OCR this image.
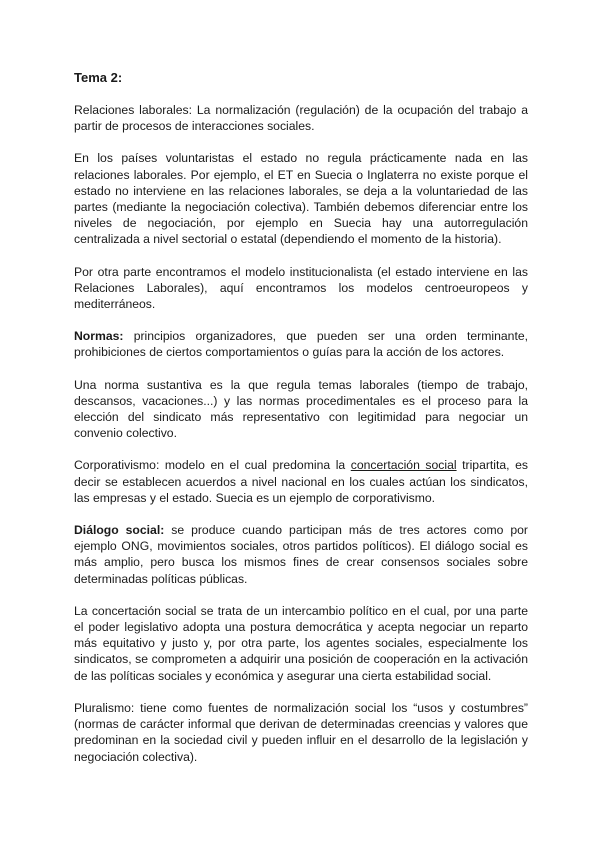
Tema 2:

Relaciones laborales: La normalización (regulación) de la ocupación del trabajo a partir de procesos de interacciones sociales.

En los países voluntaristas el estado no regula prácticamente nada en las relaciones laborales. Por ejemplo, el ET en Suecia o Inglaterra no existe porque el estado no interviene en las relaciones laborales, se deja a la voluntariedad de las partes (mediante la negociación colectiva). También debemos diferenciar entre los niveles de negociación, por ejemplo en Suecia hay una autorregulación centralizada a nivel sectorial o estatal (dependiendo el momento de la historia).

Por otra parte encontramos el modelo institucionalista (el estado interviene en las Relaciones Laborales), aquí encontramos los modelos centroeuropeos y mediterráneos.

Normas: principios organizadores, que pueden ser una orden terminante, prohibiciones de ciertos comportamientos o guías para la acción de los actores.

Una norma sustantiva es la que regula temas laborales (tiempo de trabajo, descansos, vacaciones...) y las normas procedimentales es el proceso para la elección del sindicato más representativo con legitimidad para negociar un convenio colectivo.

Corporativismo: modelo en el cual predomina la concertación social tripartita, es decir se establecen acuerdos a nivel nacional en los cuales actúan los sindicatos, las empresas y el estado. Suecia es un ejemplo de corporativismo.

Diálogo social: se produce cuando participan más de tres actores como por ejemplo ONG, movimientos sociales, otros partidos políticos). El diálogo social es más amplio, pero busca los mismos fines de crear consensos sociales sobre determinadas políticas públicas.

La concertación social se trata de un intercambio político en el cual, por una parte el poder legislativo adopta una postura democrática y acepta negociar un reparto más equitativo y justo y, por otra parte, los agentes sociales, especialmente los sindicatos, se comprometen a adquirir una posición de cooperación en la activación de las políticas sociales y económica y asegurar una cierta estabilidad social.

Pluralismo: tiene como fuentes de normalización social los “usos y costumbres” (normas de carácter informal que derivan de determinadas creencias y valores que predominan en la sociedad civil y pueden influir en el desarrollo de la legislación y negociación colectiva).
